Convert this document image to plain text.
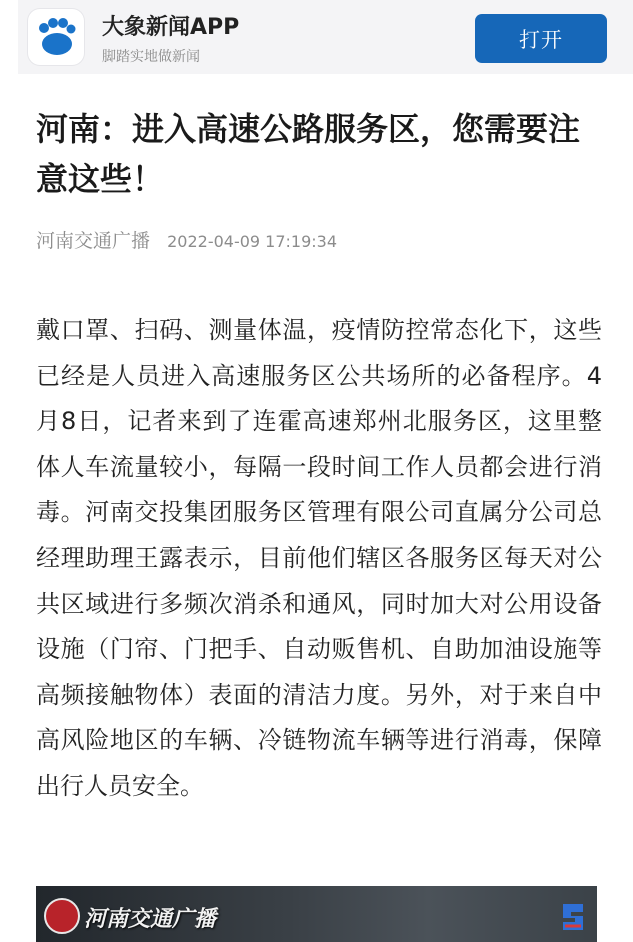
大象新闻APP
脚踏实地做新闻
打开
河南：进入高速公路服务区，您需要注意这些！
河南交通广播 2022-04-09 17:19:34

戴口罩、扫码、测量体温，疫情防控常态化下，这些已经是人员进入高速服务区公共场所的必备程序。4月8日，记者来到了连霍高速郑州北服务区，这里整体人车流量较小，每隔一段时间工作人员都会进行消毒。河南交投集团服务区管理有限公司直属分公司总经理助理王露表示，目前他们辖区各服务区每天对公共区域进行多频次消杀和通风，同时加大对公用设备设施（门帘、门把手、自动贩售机、自助加油设施等高频接触物体）表面的清洁力度。另外，对于来自中高风险地区的车辆、冷链物流车辆等进行消毒，保障出行人员安全。

河南交通广播
